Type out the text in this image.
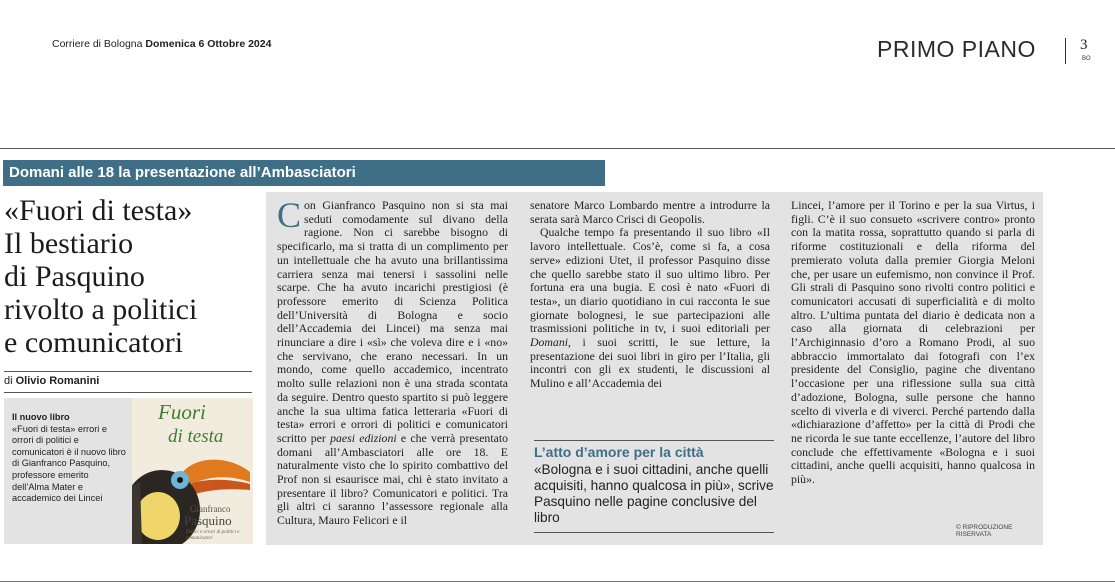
Corriere di Bologna Domenica 6 Ottobre 2024	PRIMO PIANO	3
BO
Domani alle 18 la presentazione all’Ambasciatori
«Fuori di testa»
Il bestiario
di Pasquino
rivolto a politici
e comunicatori
di Olivio Romanini
Il nuovo libro
«Fuori di testa» errori e orrori di politici e comunicatori è il nuovo libro di Gianfranco Pasquino, professore emerito dell’Alma Mater e accademico dei Lincei
Fuori
di testa
Gianfranco
Pasquino
Errori e orrori di politici e comunicatori

Con Gianfranco Pasquino non si sta mai seduti comodamente sul divano della ragione. Non ci sarebbe bisogno di specificarlo, ma si tratta di un complimento per un intellettuale che ha avuto una brillantissima carriera senza mai tenersi i sassolini nelle scarpe. Che ha avuto incarichi prestigiosi (è professore emerito di Scienza Politica dell’Università di Bologna e socio dell’Accademia dei Lincei) ma senza mai rinunciare a dire i «sì» che voleva dire e i «no» che servivano, che erano necessari. In un mondo, come quello accademico, incentrato molto sulle relazioni non è una strada scontata da seguire. Dentro questo spartito si può leggere anche la sua ultima fatica letteraria «Fuori di testa» errori e orrori di politici e comunicatori scritto per paesi edizioni e che verrà presentato domani all’Ambasciatori alle ore 18. E naturalmente visto che lo spirito combattivo del Prof non si esaurisce mai, chi è stato invitato a presentare il libro? Comunicatori e politici. Tra gli altri ci saranno l’assessore regionale alla Cultura, Mauro Felicori e il

senatore Marco Lombardo mentre a introdurre la serata sarà Marco Crisci di Geopolis.

Qualche tempo fa presentando il suo libro «Il lavoro intellettuale. Cos’è, come si fa, a cosa serve» edizioni Utet, il professor Pasquino disse che quello sarebbe stato il suo ultimo libro. Per fortuna era una bugia. E così è nato «Fuori di testa», un diario quotidiano in cui racconta le sue giornate bolognesi, le sue partecipazioni alle trasmissioni politiche in tv, i suoi editoriali per Domani, i suoi scritti, le sue letture, la presentazione dei suoi libri in giro per l’Italia, gli incontri con gli ex studenti, le discussioni al Mulino e all’Accademia dei

L’atto d’amore per la città
«Bologna e i suoi cittadini, anche quelli acquisiti, hanno qualcosa in più», scrive Pasquino nelle pagine conclusive del libro

Lincei, l’amore per il Torino e per la sua Virtus, i figli. C’è il suo consueto «scrivere contro» pronto con la matita rossa, soprattutto quando si parla di riforme costituzionali e della riforma del premierato voluta dalla premier Giorgia Meloni che, per usare un eufemismo, non convince il Prof. Gli strali di Pasquino sono rivolti contro politici e comunicatori accusati di superficialità e di molto altro. L’ultima puntata del diario è dedicata non a caso alla giornata di celebrazioni per l’Archiginnasio d’oro a Romano Prodi, al suo abbraccio immortalato dai fotografi con l’ex presidente del Consiglio, pagine che diventano l’occasione per una riflessione sulla sua città d’adozione, Bologna, sulle persone che hanno scelto di viverla e di viverci. Perché partendo dalla «dichiarazione d’affetto» per la città di Prodi che ne ricorda le sue tante eccellenze, l’autore del libro conclude che effettivamente «Bologna e i suoi cittadini, anche quelli acquisiti, hanno qualcosa in più».

© RIPRODUZIONE RISERVATA
